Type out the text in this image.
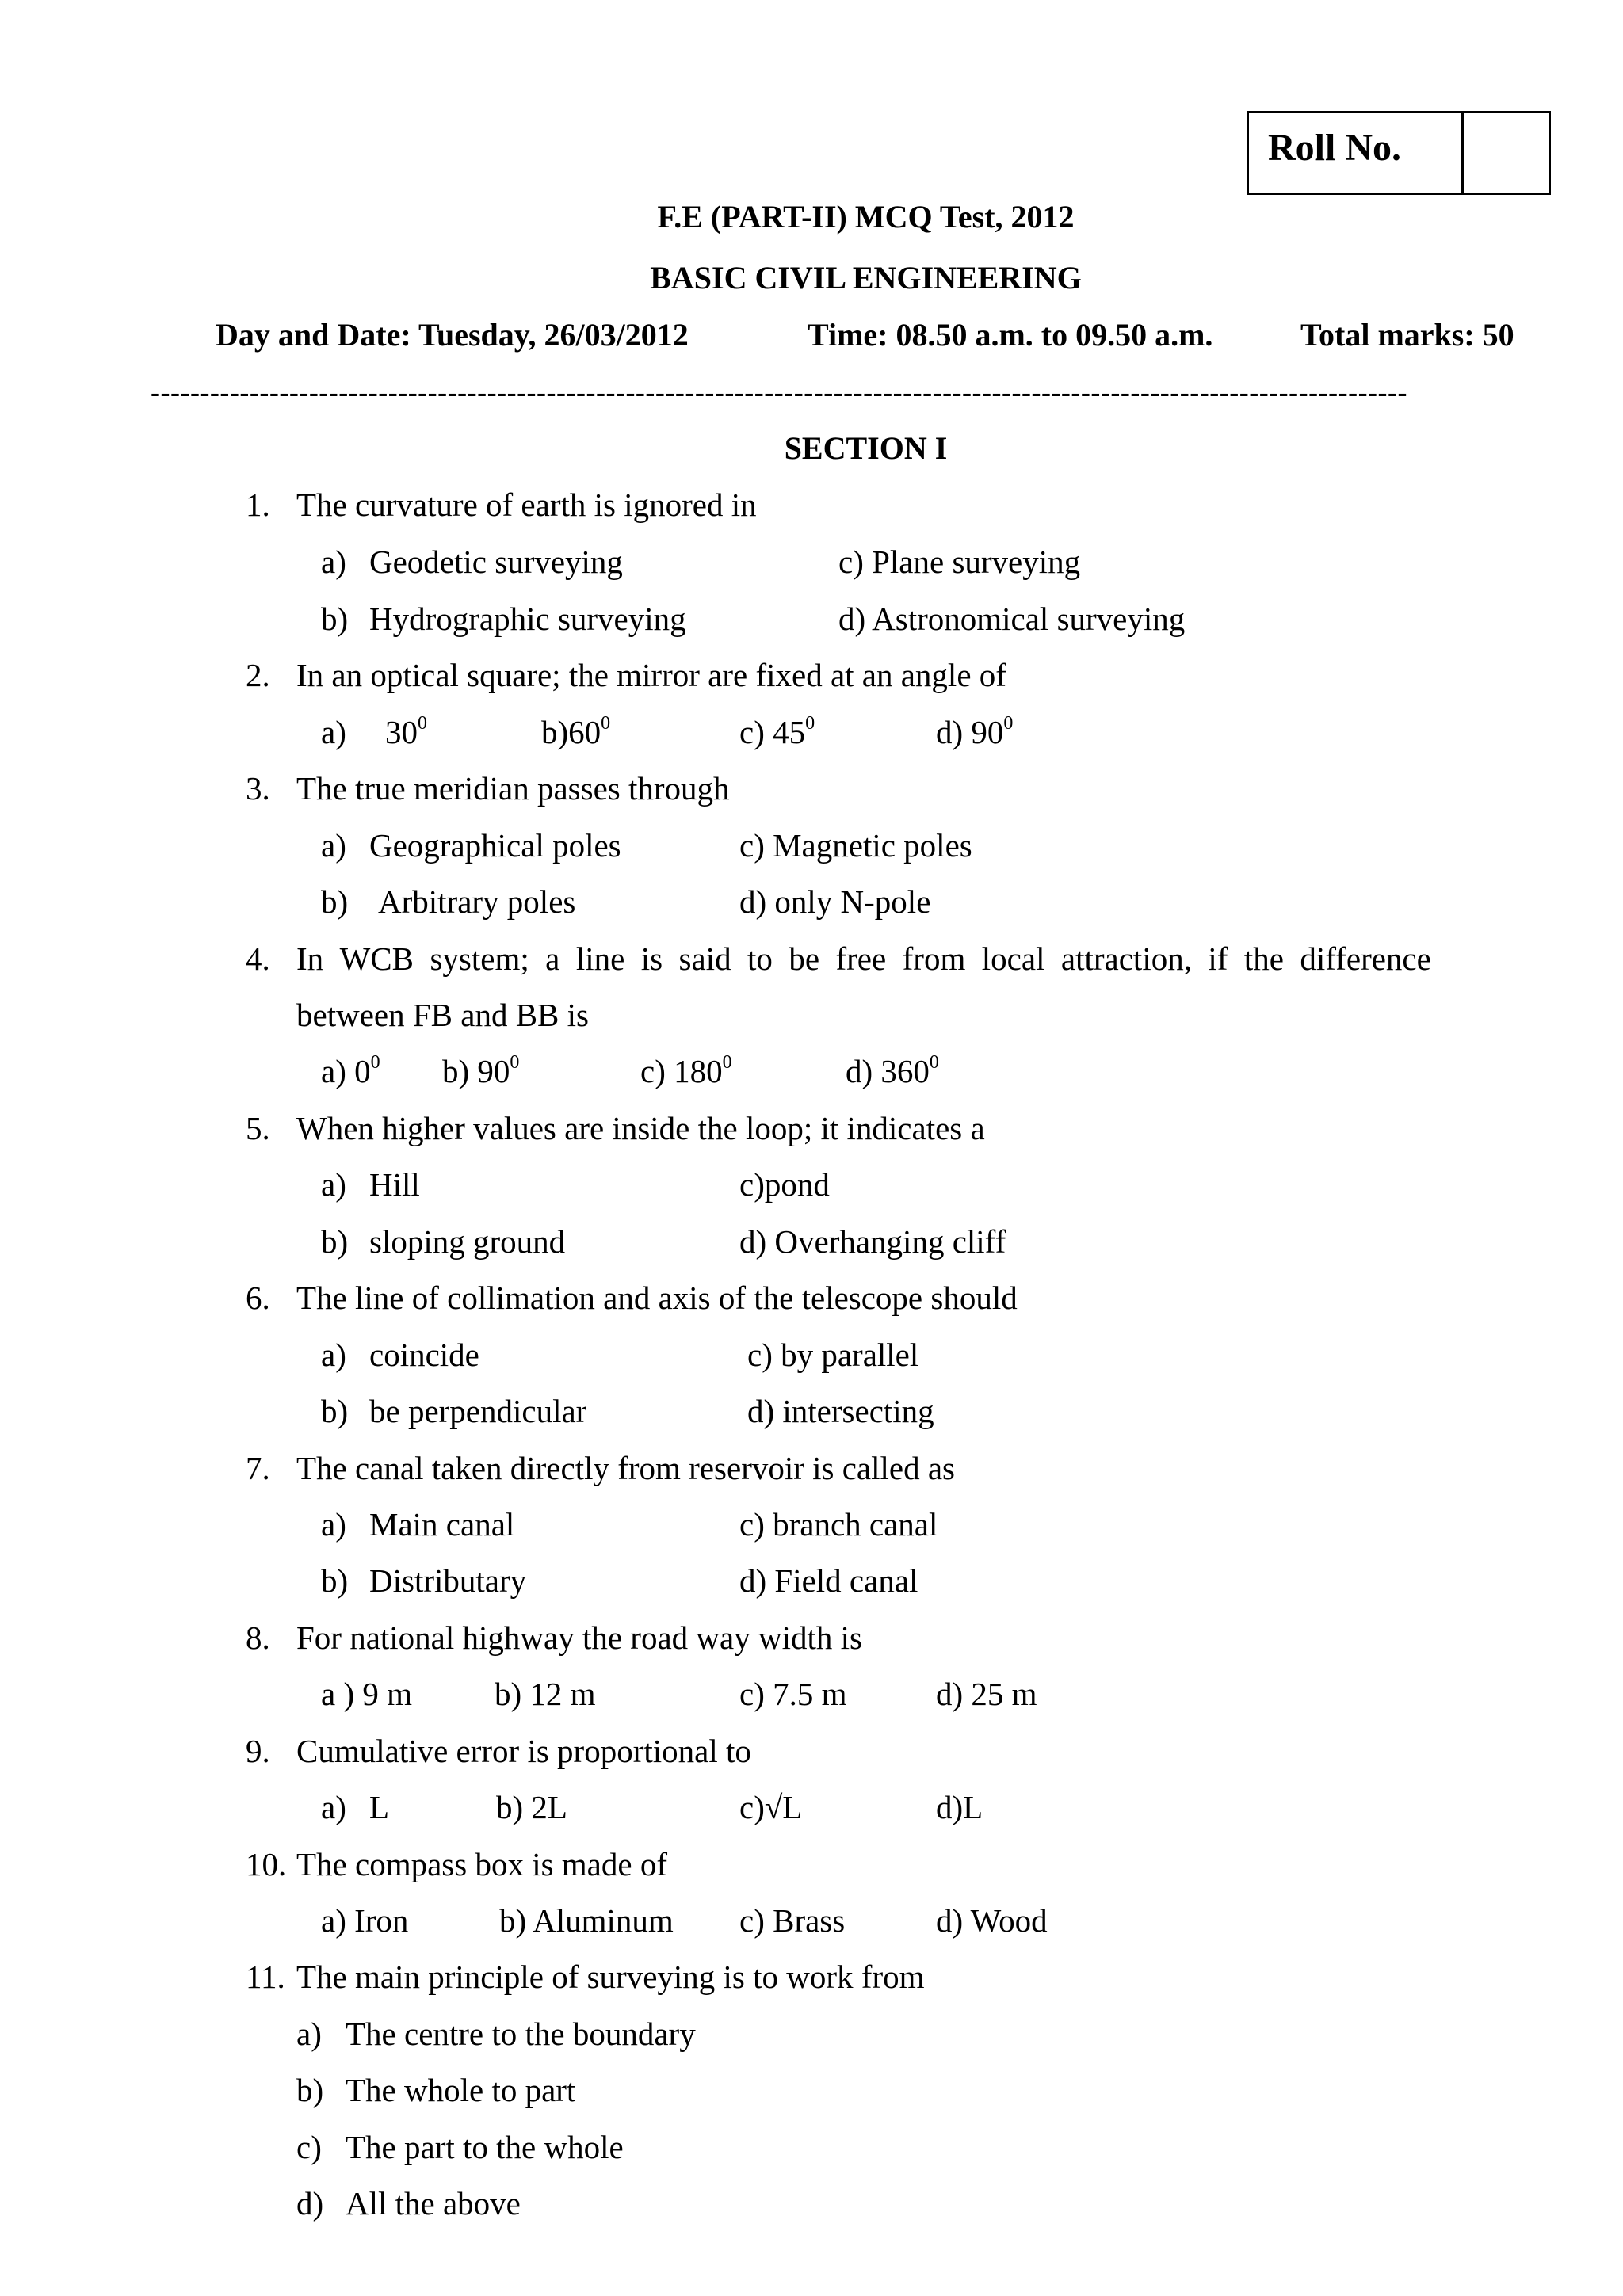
Roll No.
F.E (PART-II) MCQ Test, 2012
BASIC CIVIL ENGINEERING
Day and Date: Tuesday, 26/03/2012	Time: 08.50 a.m. to 09.50 a.m.	Total marks: 50
-------------------------------------------------------------------------------------------------------------------------------
SECTION I
1. The curvature of earth is ignored in
a) Geodetic surveying	c) Plane surveying
b) Hydrographic surveying	d) Astronomical surveying
2. In an optical square; the mirror are fixed at an angle of
a) $30^0$	$b)60^0$	c) $45^0$	d) $90^0$
3. The true meridian passes through
a) Geographical poles	c) Magnetic poles
b) Arbitrary poles	d) only N-pole
4. In WCB system; a line is said to be free from local attraction, if the difference
between FB and BB is
a) $0^0$ b) $90^0$	c) $180^0$	d) $360^0$
5. When higher values are inside the loop; it indicates a
a) Hill	c)pond
b) sloping ground	d) Overhanging cliff
6. The line of collimation and axis of the telescope should
a) coincide	c) by parallel
b) be perpendicular	d) intersecting
7. The canal taken directly from reservoir is called as
a) Main canal	c) branch canal
b) Distributary	d) Field canal
8. For national highway the road way width is
a ) 9 m	b) 12 m	c) 7.5 m	d) 25 m
9. Cumulative error is proportional to
a) L	b) 2L	c)√L	d)L
10. The compass box is made of
a) Iron	b) Aluminum c) Brass	d) Wood
11. The main principle of surveying is to work from
a) The centre to the boundary
b) The whole to part
c) The part to the whole
d) All the above
